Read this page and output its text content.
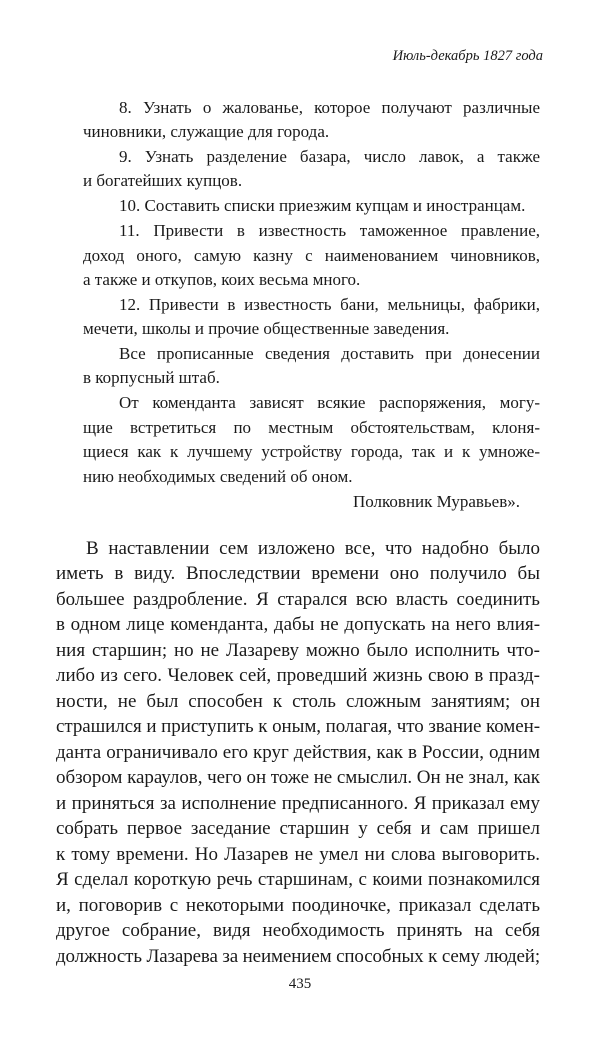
Июль-декабрь 1827 года
8. Узнать о жалованье, которое получают различные
чиновники, служащие для города.
9. Узнать разделение базара, число лавок, а также
и богатейших купцов.
10. Составить списки приезжим купцам и иностранцам.
11. Привести в известность таможенное правление,
доход оного, самую казну с наименованием чиновников,
а также и откупов, коих весьма много.
12. Привести в известность бани, мельницы, фабрики,
мечети, школы и прочие общественные заведения.
Все прописанные сведения доставить при донесении
в корпусный штаб.
От коменданта зависят всякие распоряжения, могу-
щие встретиться по местным обстоятельствам, клоня-
щиеся как к лучшему устройству города, так и к умноже-
нию необходимых сведений об оном.
Полковник Муравьев».
В наставлении сем изложено все, что надобно было
иметь в виду. Впоследствии времени оно получило бы
большее раздробление. Я старался всю власть соединить
в одном лице коменданта, дабы не допускать на него влия-
ния старшин; но не Лазареву можно было исполнить что-
либо из сего. Человек сей, проведший жизнь свою в празд-
ности, не был способен к столь сложным занятиям; он
страшился и приступить к оным, полагая, что звание комен-
данта ограничивало его круг действия, как в России, одним
обзором караулов, чего он тоже не смыслил. Он не знал, как
и приняться за исполнение предписанного. Я приказал ему
собрать первое заседание старшин у себя и сам пришел
к тому времени. Но Лазарев не умел ни слова выговорить.
Я сделал короткую речь старшинам, с коими познакомился
и, поговорив с некоторыми поодиночке, приказал сделать
другое собрание, видя необходимость принять на себя
должность Лазарева за неимением способных к сему людей;
435
